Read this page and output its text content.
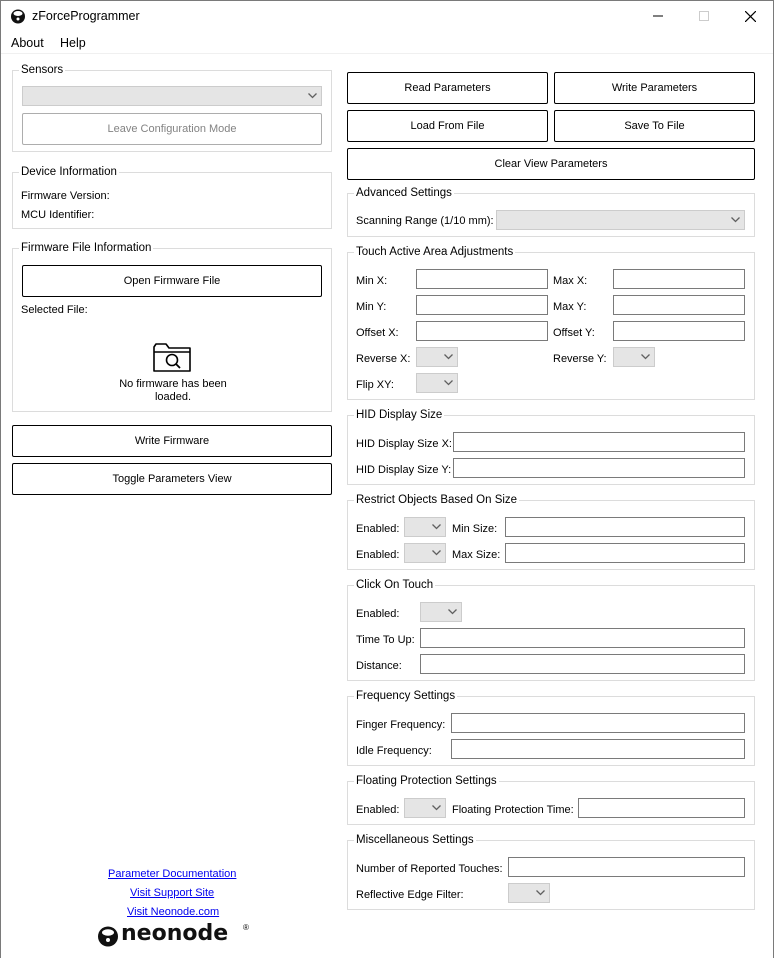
zForceProgrammer
About Help
Sensors
Leave Configuration Mode
Device Information
Firmware Version:
MCU Identifier:
Firmware File Information
Open Firmware File
Selected File:
No firmware has been loaded.
Write Firmware
Toggle Parameters View
Parameter Documentation
Visit Support Site
Visit Neonode.com
neonode ®
Read Parameters	Write Parameters
Load From File	Save To File
Clear View Parameters
Advanced Settings
Scanning Range (1/10 mm):
Touch Active Area Adjustments
Min X:	Max X:
Min Y:	Max Y:
Offset X:	Offset Y:
Reverse X:	Reverse Y:
Flip XY:
HID Display Size
HID Display Size X:
HID Display Size Y:
Restrict Objects Based On Size
Enabled:	Min Size:
Enabled:	Max Size:
Click On Touch
Enabled:
Time To Up:
Distance:
Frequency Settings
Finger Frequency:
Idle Frequency:
Floating Protection Settings
Enabled:	Floating Protection Time:
Miscellaneous Settings
Number of Reported Touches:
Reflective Edge Filter:
